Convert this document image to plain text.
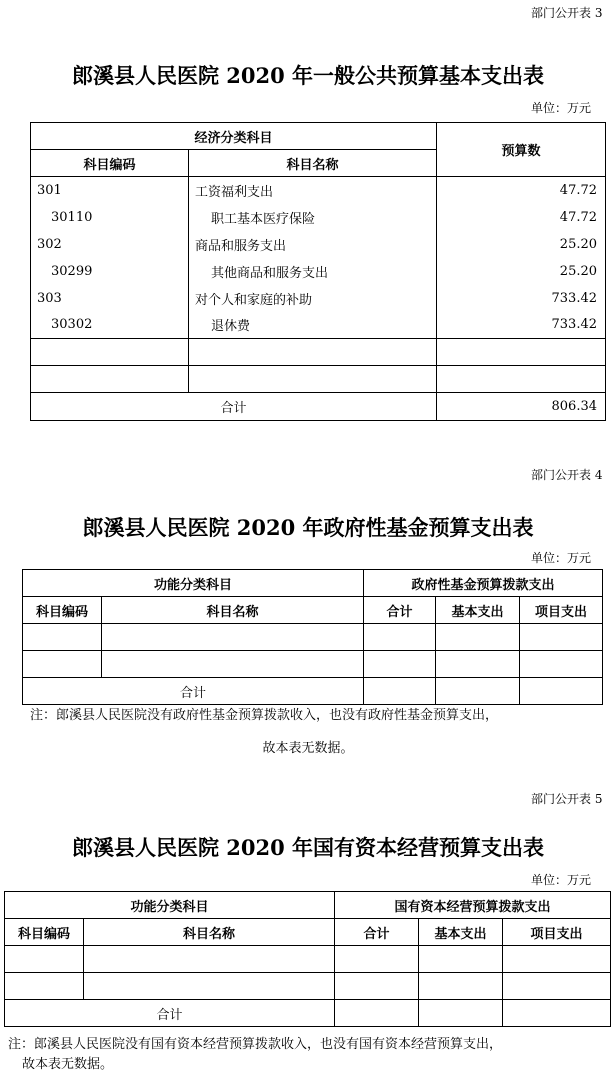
部门公开表 3
郎溪县人民医院 2020 年一般公共预算基本支出表
单位：万元
经济分类科目		预算数
科目编码	科目名称	
301	工资福利支出	47.72
30110	职工基本医疗保险	47.72
302	商品和服务支出	25.20
30299	其他商品和服务支出	25.20
303	对个人和家庭的补助	733.42
30302	退休费	733.42

合计		806.34
部门公开表 4
郎溪县人民医院 2020 年政府性基金预算支出表
单位：万元
功能分类科目		政府性基金预算拨款支出		
科目编码	科目名称	合计	基本支出	项目支出

合计				
注：郎溪县人民医院没有政府性基金预算拨款收入，也没有政府性基金预算支出，
故本表无数据。
部门公开表 5
郎溪县人民医院 2020 年国有资本经营预算支出表
单位：万元
功能分类科目		国有资本经营预算拨款支出		
科目编码	科目名称	合计	基本支出	项目支出

合计				
注：郎溪县人民医院没有国有资本经营预算拨款收入，也没有国有资本经营预算支出，
故本表无数据。
